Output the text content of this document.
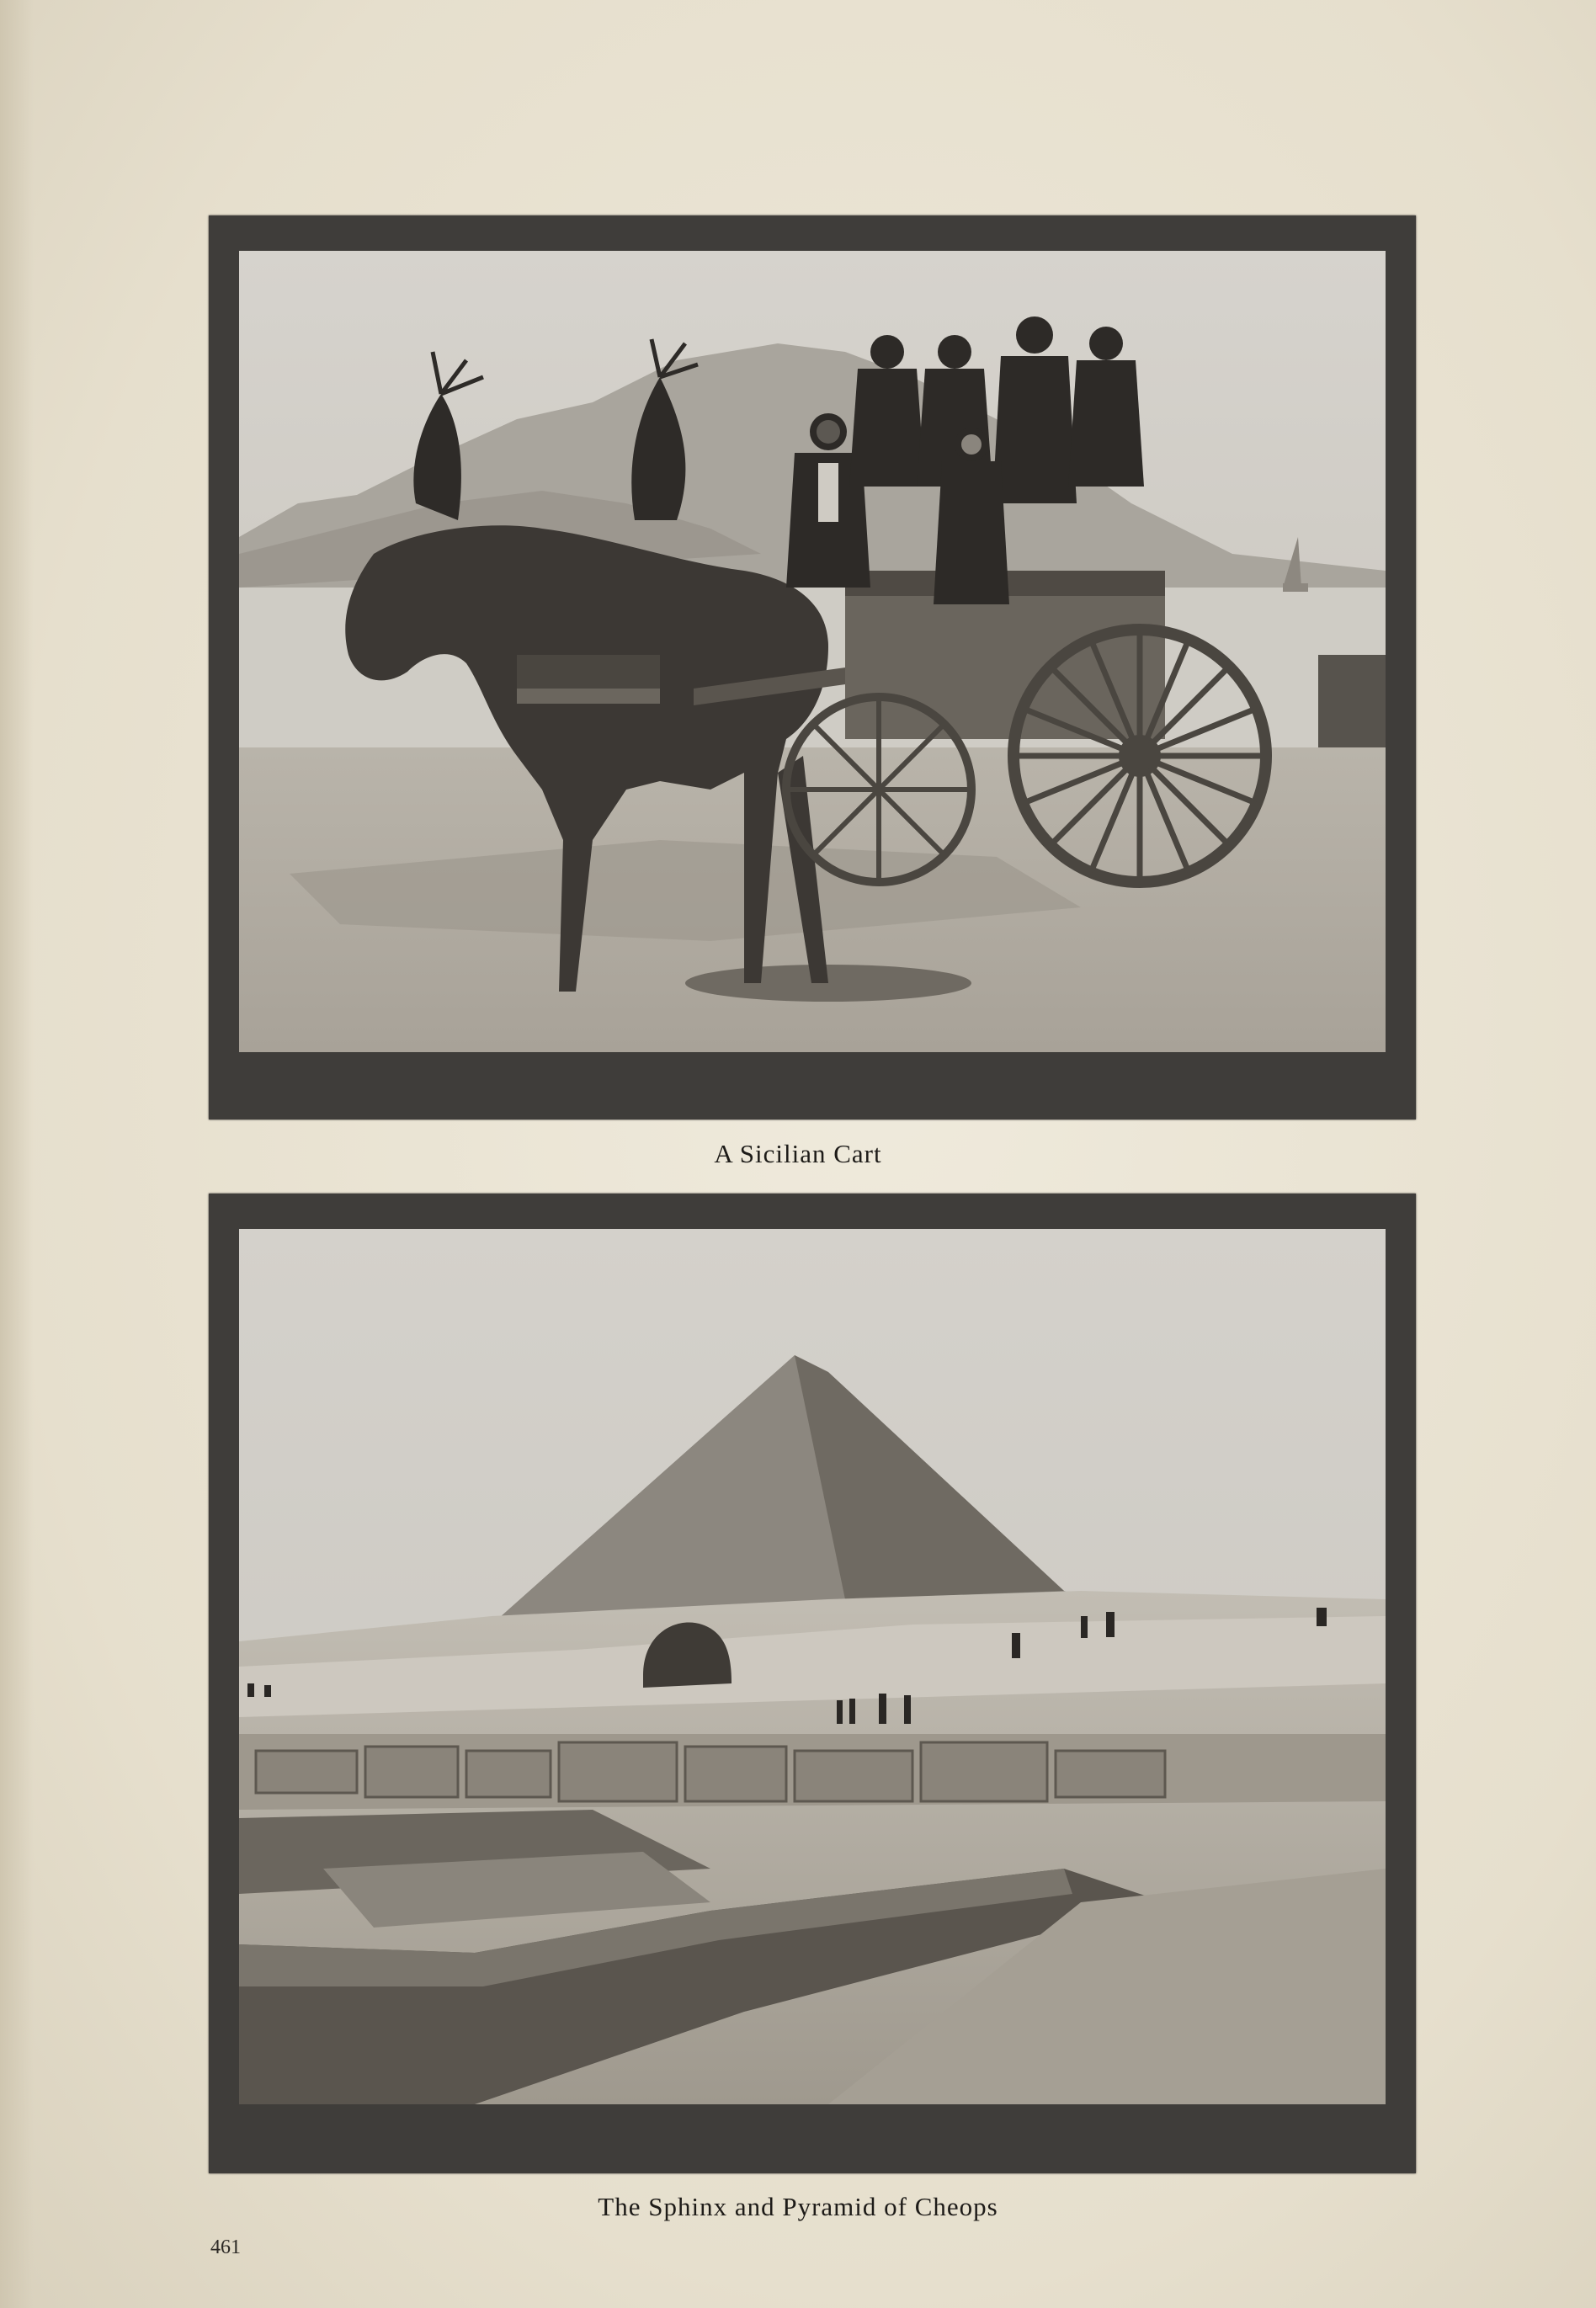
A Sicilian Cart
The Sphinx and Pyramid of Cheops
461
